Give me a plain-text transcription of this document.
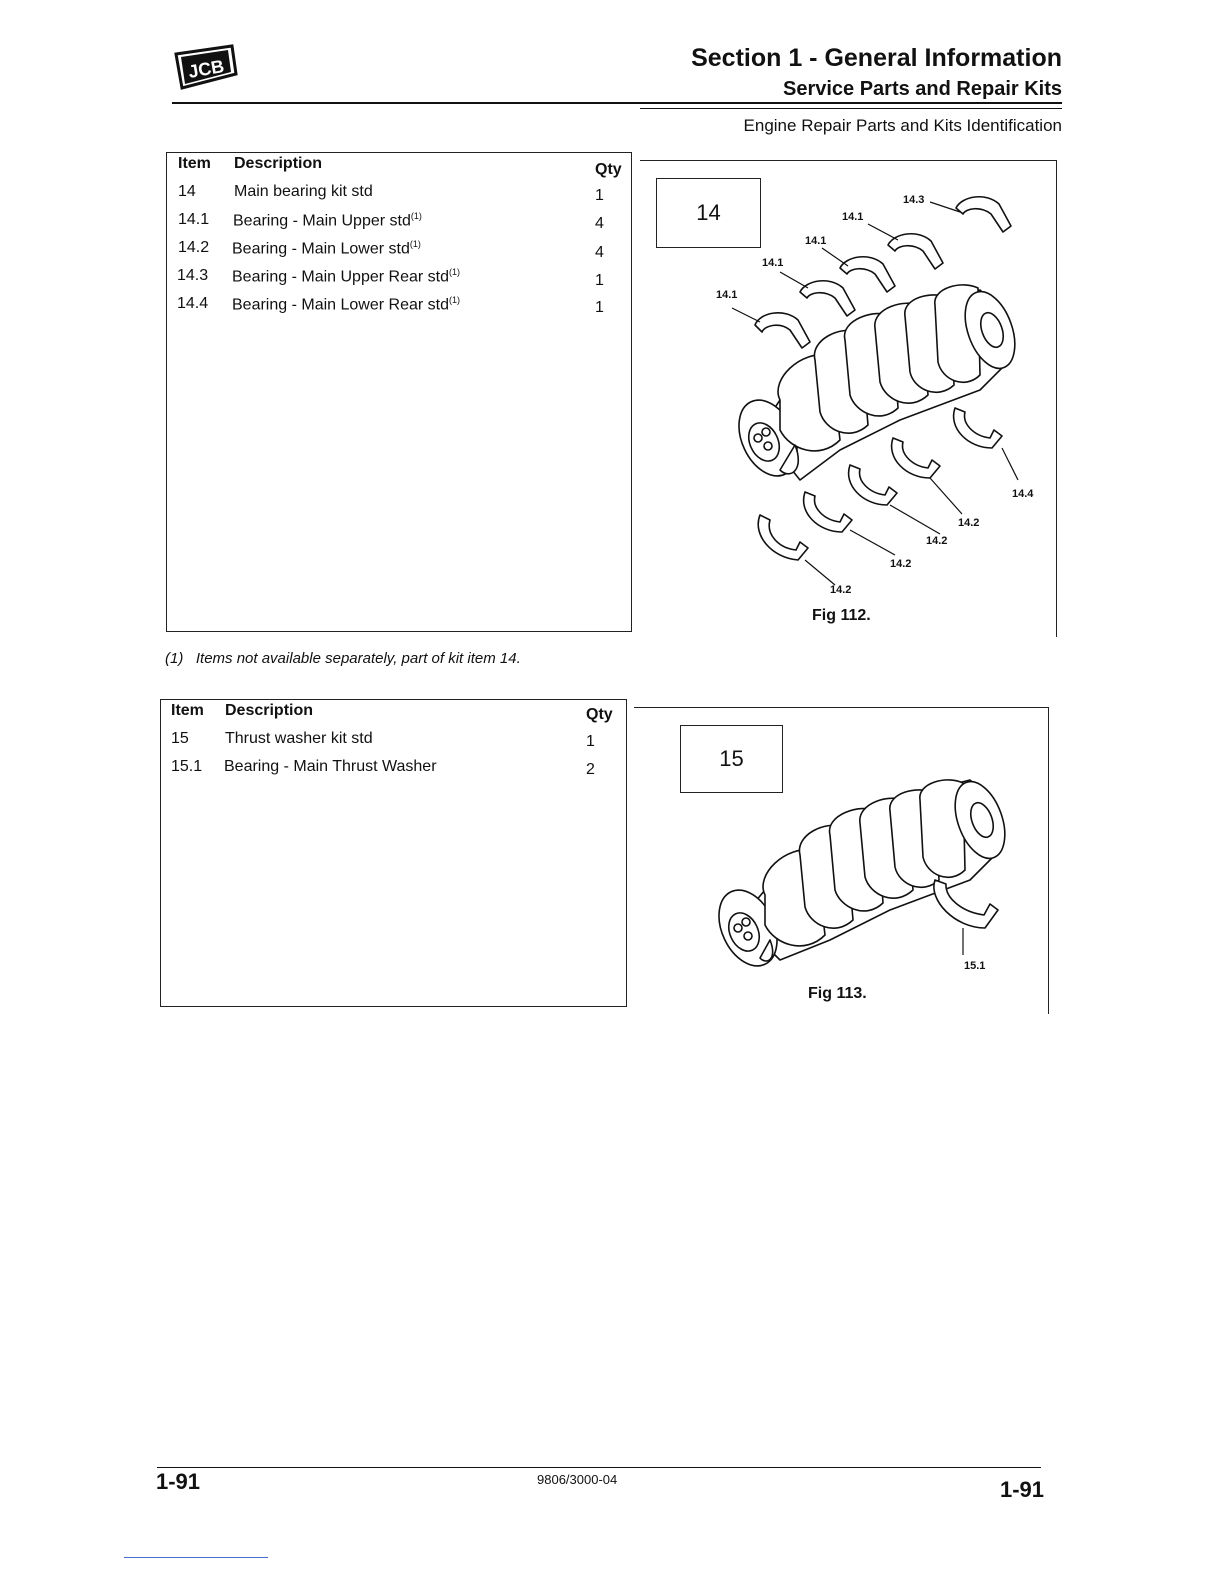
JCB	Section 1 - General Information
Service Parts and Repair Kits
Engine Repair Parts and Kits Identification
Item Description	Qty
14 Main bearing kit std	1
14.1 Bearing - Main Upper std$^{(1)}$	4
14.2 Bearing - Main Lower std$^{(1)}$	4
14.3 Bearing - Main Upper Rear std$^{(1)}$	1
14.4 Bearing - Main Lower Rear std$^{(1)}$	1
14	14.3
14.1
14.1
14.1
14.1
14.4
14.2
14.2
14.2
14.2
Fig 112.
(1) Items not available separately, part of kit item 14.
Item Description	Qty
15 Thrust washer kit std	1
15.1 Bearing - Main Thrust Washer	2	15
15.1
Fig 113.
1-91	9806/3000-04	1-91
